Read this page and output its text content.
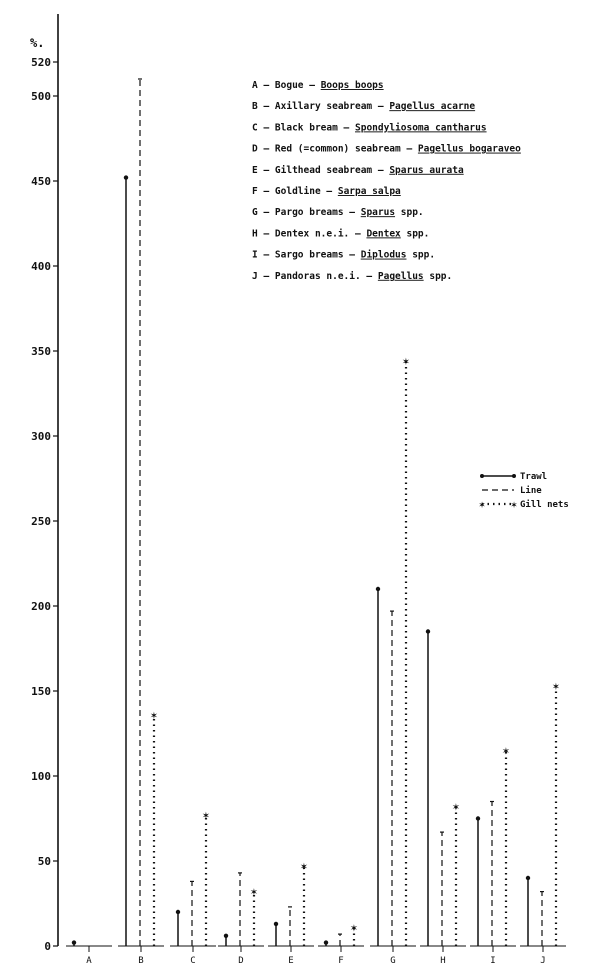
%.
0
50
100
150
200
250
300
350
400
450
500
520
A	B
✶
C
✶
D
✶
E
✶
F
✶
G
✶
H
✶
I
✶
J
✶
A – Bogue – Boops boops
B – Axillary seabream – Pagellus acarne
C – Black bream – Spondyliosoma cantharus
D – Red (=common) seabream – Pagellus bogaraveo
E – Gilthead seabream – Sparus aurata
F – Goldline – Sarpa salpa
G – Pargo breams – Sparus spp.
H – Dentex n.e.i. – Dentex spp.
I – Sargo breams – Diplodus spp.
J – Pandoras n.e.i. – Pagellus spp.
Trawl
Line
✶	✶ Gill nets
